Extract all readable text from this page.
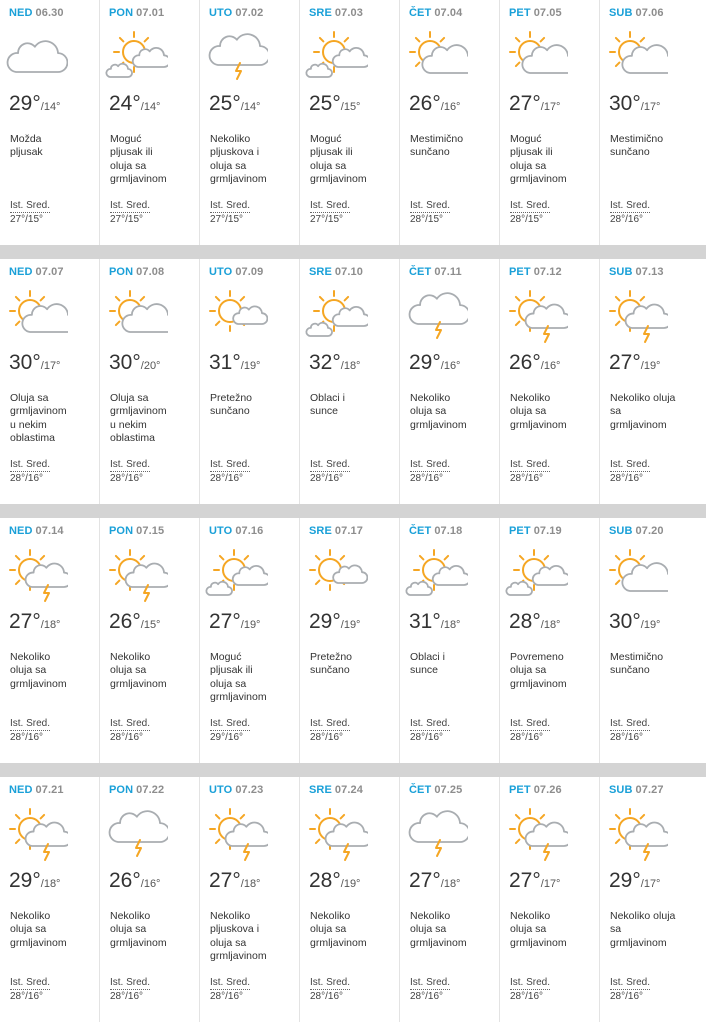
NED 06.30
29°/14°
Možda
pljusak
Ist. Sred.
27°/15°
PON 07.01
24°/14°
Moguć
pljusak ili
oluja sa
grmljavinom
Ist. Sred.
27°/15°
UTO 07.02
25°/14°
Nekoliko
pljuskova i
oluja sa
grmljavinom
Ist. Sred.
27°/15°
SRE 07.03
25°/15°
Moguć
pljusak ili
oluja sa
grmljavinom
Ist. Sred.
27°/15°
ČET 07.04
26°/16°
Mestimično
sunčano
Ist. Sred.
28°/15°
PET 07.05
27°/17°
Moguć
pljusak ili
oluja sa
grmljavinom
Ist. Sred.
28°/15°
SUB 07.06
30°/17°
Mestimično
sunčano
Ist. Sred.
28°/16°
NED 07.07
30°/17°
Oluja sa
grmljavinom
u nekim
oblastima
Ist. Sred.
28°/16°
PON 07.08
30°/20°
Oluja sa
grmljavinom
u nekim
oblastima
Ist. Sred.
28°/16°
UTO 07.09
31°/19°
Pretežno
sunčano
Ist. Sred.
28°/16°
SRE 07.10
32°/18°
Oblaci i
sunce
Ist. Sred.
28°/16°
ČET 07.11
29°/16°
Nekoliko
oluja sa
grmljavinom
Ist. Sred.
28°/16°
PET 07.12
26°/16°
Nekoliko
oluja sa
grmljavinom
Ist. Sred.
28°/16°
SUB 07.13
27°/19°
Nekoliko oluja
sa
grmljavinom
Ist. Sred.
28°/16°
NED 07.14
27°/18°
Nekoliko
oluja sa
grmljavinom
Ist. Sred.
28°/16°
PON 07.15
26°/15°
Nekoliko
oluja sa
grmljavinom
Ist. Sred.
28°/16°
UTO 07.16
27°/19°
Moguć
pljusak ili
oluja sa
grmljavinom
Ist. Sred.
29°/16°
SRE 07.17
29°/19°
Pretežno
sunčano
Ist. Sred.
28°/16°
ČET 07.18
31°/18°
Oblaci i
sunce
Ist. Sred.
28°/16°
PET 07.19
28°/18°
Povremeno
oluja sa
grmljavinom
Ist. Sred.
28°/16°
SUB 07.20
30°/19°
Mestimično
sunčano
Ist. Sred.
28°/16°
NED 07.21
29°/18°
Nekoliko
oluja sa
grmljavinom
Ist. Sred.
28°/16°
PON 07.22
26°/16°
Nekoliko
oluja sa
grmljavinom
Ist. Sred.
28°/16°
UTO 07.23
27°/18°
Nekoliko
pljuskova i
oluja sa
grmljavinom
Ist. Sred.
28°/16°
SRE 07.24
28°/19°
Nekoliko
oluja sa
grmljavinom
Ist. Sred.
28°/16°
ČET 07.25
27°/18°
Nekoliko
oluja sa
grmljavinom
Ist. Sred.
28°/16°
PET 07.26
27°/17°
Nekoliko
oluja sa
grmljavinom
Ist. Sred.
28°/16°
SUB 07.27
29°/17°
Nekoliko oluja
sa
grmljavinom
Ist. Sred.
28°/16°
